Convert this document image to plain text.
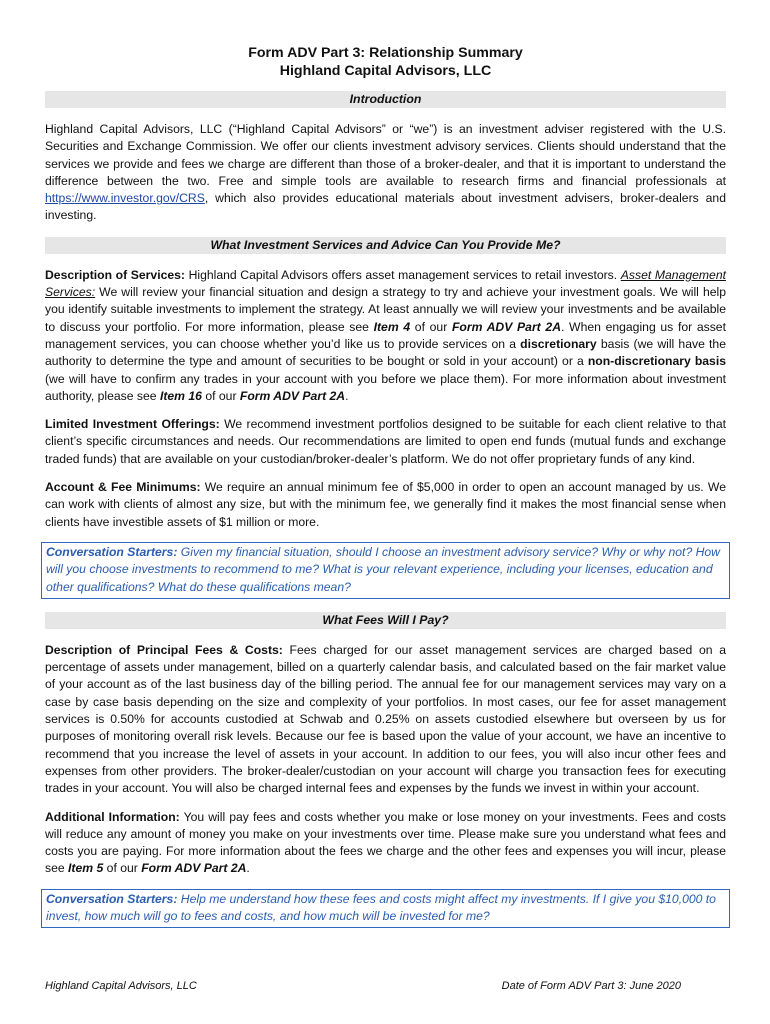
Form ADV Part 3: Relationship Summary
Highland Capital Advisors, LLC
Introduction

Highland Capital Advisors, LLC (“Highland Capital Advisors” or “we”) is an investment adviser registered with the U.S. Securities and Exchange Commission. We offer our clients investment advisory services. Clients should understand that the services we provide and fees we charge are different than those of a broker-dealer, and that it is important to understand the difference between the two. Free and simple tools are available to research firms and financial professionals at https://www.investor.gov/CRS, which also provides educational materials about investment advisers, broker-dealers and investing.

What Investment Services and Advice Can You Provide Me?

Description of Services: Highland Capital Advisors offers asset management services to retail investors. Asset Management Services: We will review your financial situation and design a strategy to try and achieve your investment goals. We will help you identify suitable investments to implement the strategy. At least annually we will review your investments and be available to discuss your portfolio. For more information, please see Item 4 of our Form ADV Part 2A. When engaging us for asset management services, you can choose whether you’d like us to provide services on a discretionary basis (we will have the authority to determine the type and amount of securities to be bought or sold in your account) or a non-discretionary basis (we will have to confirm any trades in your account with you before we place them). For more information about investment authority, please see Item 16 of our Form ADV Part 2A.

Limited Investment Offerings: We recommend investment portfolios designed to be suitable for each client relative to that client’s specific circumstances and needs. Our recommendations are limited to open end funds (mutual funds and exchange traded funds) that are available on your custodian/broker-dealer’s platform. We do not offer proprietary funds of any kind.

Account & Fee Minimums: We require an annual minimum fee of $5,000 in order to open an account managed by us. We can work with clients of almost any size, but with the minimum fee, we generally find it makes the most financial sense when clients have investible assets of $1 million or more.

Conversation Starters: Given my financial situation, should I choose an investment advisory service? Why or why not? How will you choose investments to recommend to me? What is your relevant experience, including your licenses, education and other qualifications? What do these qualifications mean?
What Fees Will I Pay?

Description of Principal Fees & Costs: Fees charged for our asset management services are charged based on a percentage of assets under management, billed on a quarterly calendar basis, and calculated based on the fair market value of your account as of the last business day of the billing period. The annual fee for our management services may vary on a case by case basis depending on the size and complexity of your portfolios. In most cases, our fee for asset management services is 0.50% for accounts custodied at Schwab and 0.25% on assets custodied elsewhere but overseen by us for purposes of monitoring overall risk levels. Because our fee is based upon the value of your account, we have an incentive to recommend that you increase the level of assets in your account. In addition to our fees, you will also incur other fees and expenses from other providers. The broker-dealer/custodian on your account will charge you transaction fees for executing trades in your account. You will also be charged internal fees and expenses by the funds we invest in within your account.

Additional Information: You will pay fees and costs whether you make or lose money on your investments. Fees and costs will reduce any amount of money you make on your investments over time. Please make sure you understand what fees and costs you are paying. For more information about the fees we charge and the other fees and expenses you will incur, please see Item 5 of our Form ADV Part 2A.

Conversation Starters: Help me understand how these fees and costs might affect my investments. If I give you $10,000 to invest, how much will go to fees and costs, and how much will be invested for me?
Highland Capital Advisors, LLC	Date of Form ADV Part 3: June 2020
